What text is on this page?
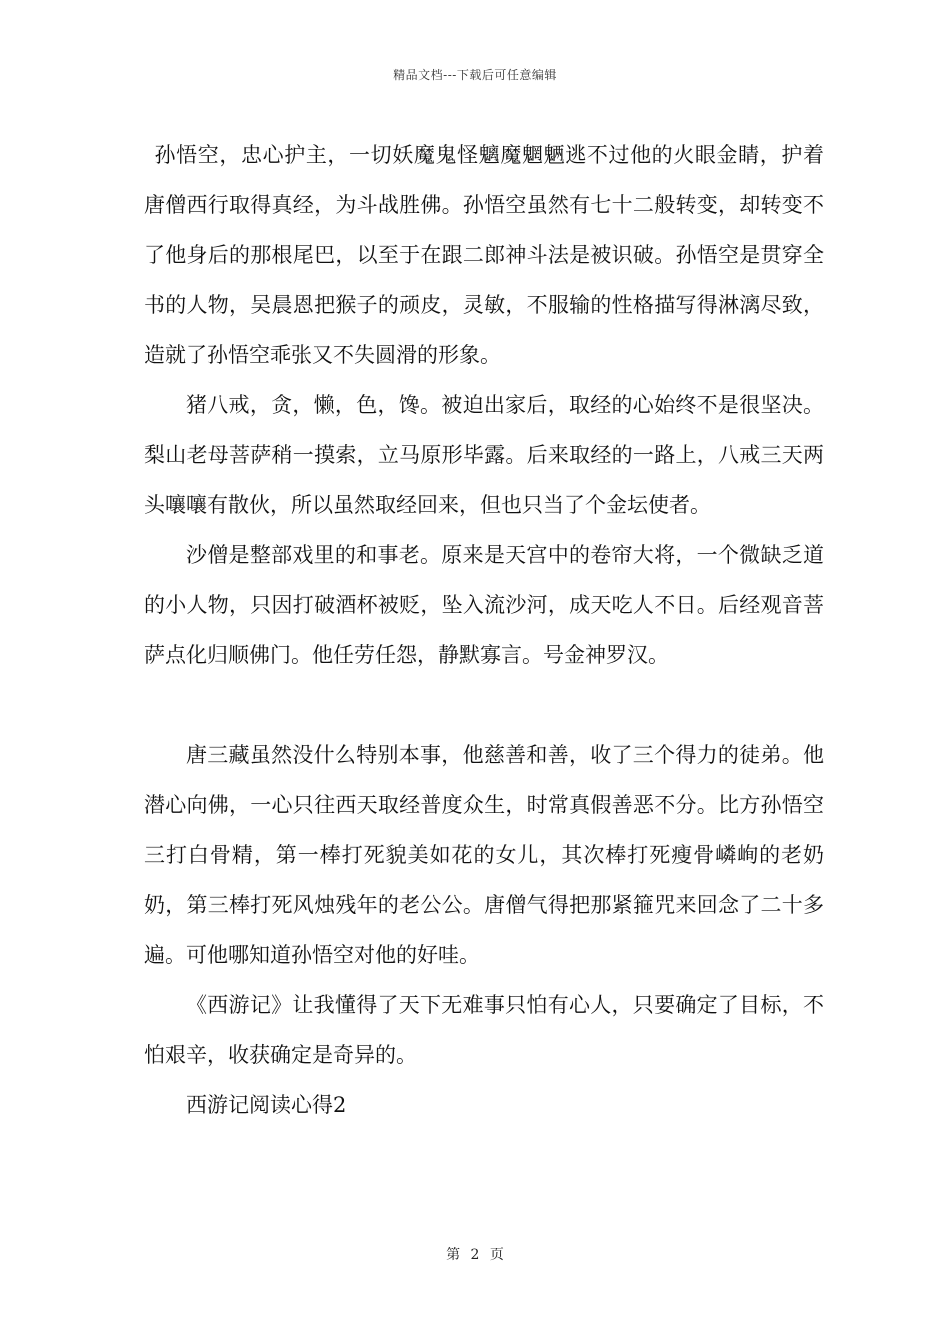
精品文档---下载后可任意编辑

孙悟空，忠心护主，一切妖魔鬼怪魑魔魍魉逃不过他的火眼金睛，护着唐僧西行取得真经，为斗战胜佛。孙悟空虽然有七十二般转变，却转变不了他身后的那根尾巴，以至于在跟二郎神斗法是被识破。孙悟空是贯穿全书的人物，吴晨恩把猴子的顽皮，灵敏，不服输的性格描写得淋漓尽致，造就了孙悟空乖张又不失圆滑的形象。

猪八戒，贪，懒，色，馋。被迫出家后，取经的心始终不是很坚决。梨山老母菩萨稍一摸索，立马原形毕露。后来取经的一路上，八戒三天两头嚷嚷有散伙，所以虽然取经回来，但也只当了个金坛使者。

沙僧是整部戏里的和事老。原来是天宫中的卷帘大将，一个微缺乏道的小人物，只因打破酒杯被贬，坠入流沙河，成天吃人不日。后经观音菩萨点化归顺佛门。他任劳任怨，静默寡言。号金神罗汉。

唐三藏虽然没什么特别本事，他慈善和善，收了三个得力的徒弟。他潜心向佛，一心只往西天取经普度众生，时常真假善恶不分。比方孙悟空三打白骨精，第一棒打死貌美如花的女儿，其次棒打死瘦骨嶙峋的老奶奶，第三棒打死风烛残年的老公公。唐僧气得把那紧箍咒来回念了二十多遍。可他哪知道孙悟空对他的好哇。

《西游记》让我懂得了天下无难事只怕有心人，只要确定了目标，不怕艰辛，收获确定是奇异的。

西游记阅读心得2

第 2 页
